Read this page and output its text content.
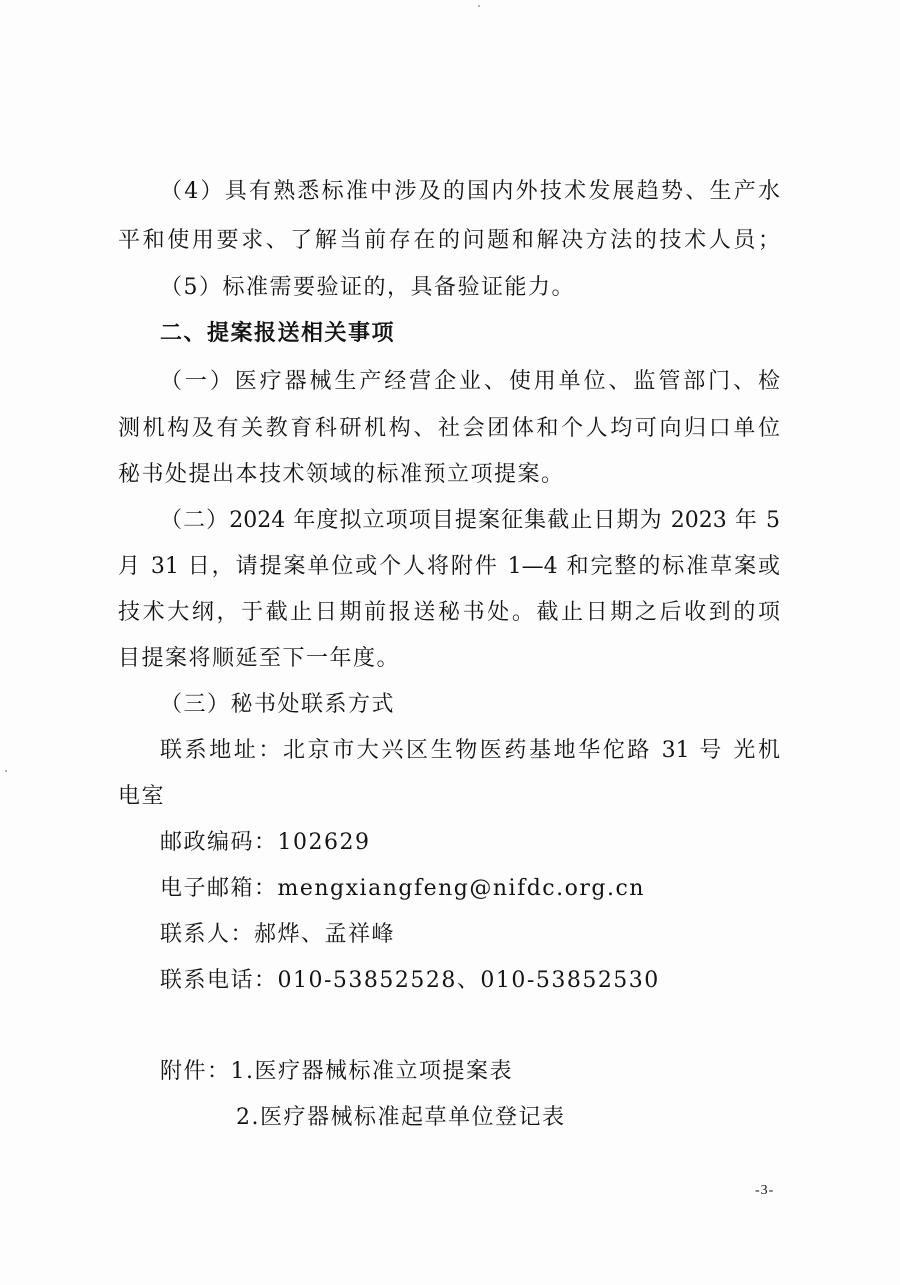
（4）具有熟悉标准中涉及的国内外技术发展趋势、生产水
平和使用要求、了解当前存在的问题和解决方法的技术人员；
（5）标准需要验证的，具备验证能力。
二、提案报送相关事项
（一）医疗器械生产经营企业、使用单位、监管部门、检
测机构及有关教育科研机构、社会团体和个人均可向归口单位
秘书处提出本技术领域的标准预立项提案。
（二）2024 年度拟立项项目提案征集截止日期为 2023 年 5
月 31 日，请提案单位或个人将附件 1—4 和完整的标准草案或
技术大纲，于截止日期前报送秘书处。截止日期之后收到的项
目提案将顺延至下一年度。
（三）秘书处联系方式
联系地址：北京市大兴区生物医药基地华佗路 31 号 光机
电室
邮政编码：102629
电子邮箱：mengxiangfeng@nifdc.org.cn
联系人：郝烨、孟祥峰
联系电话：010-53852528、010-53852530
附件：1.医疗器械标准立项提案表
2.医疗器械标准起草单位登记表
-3-
